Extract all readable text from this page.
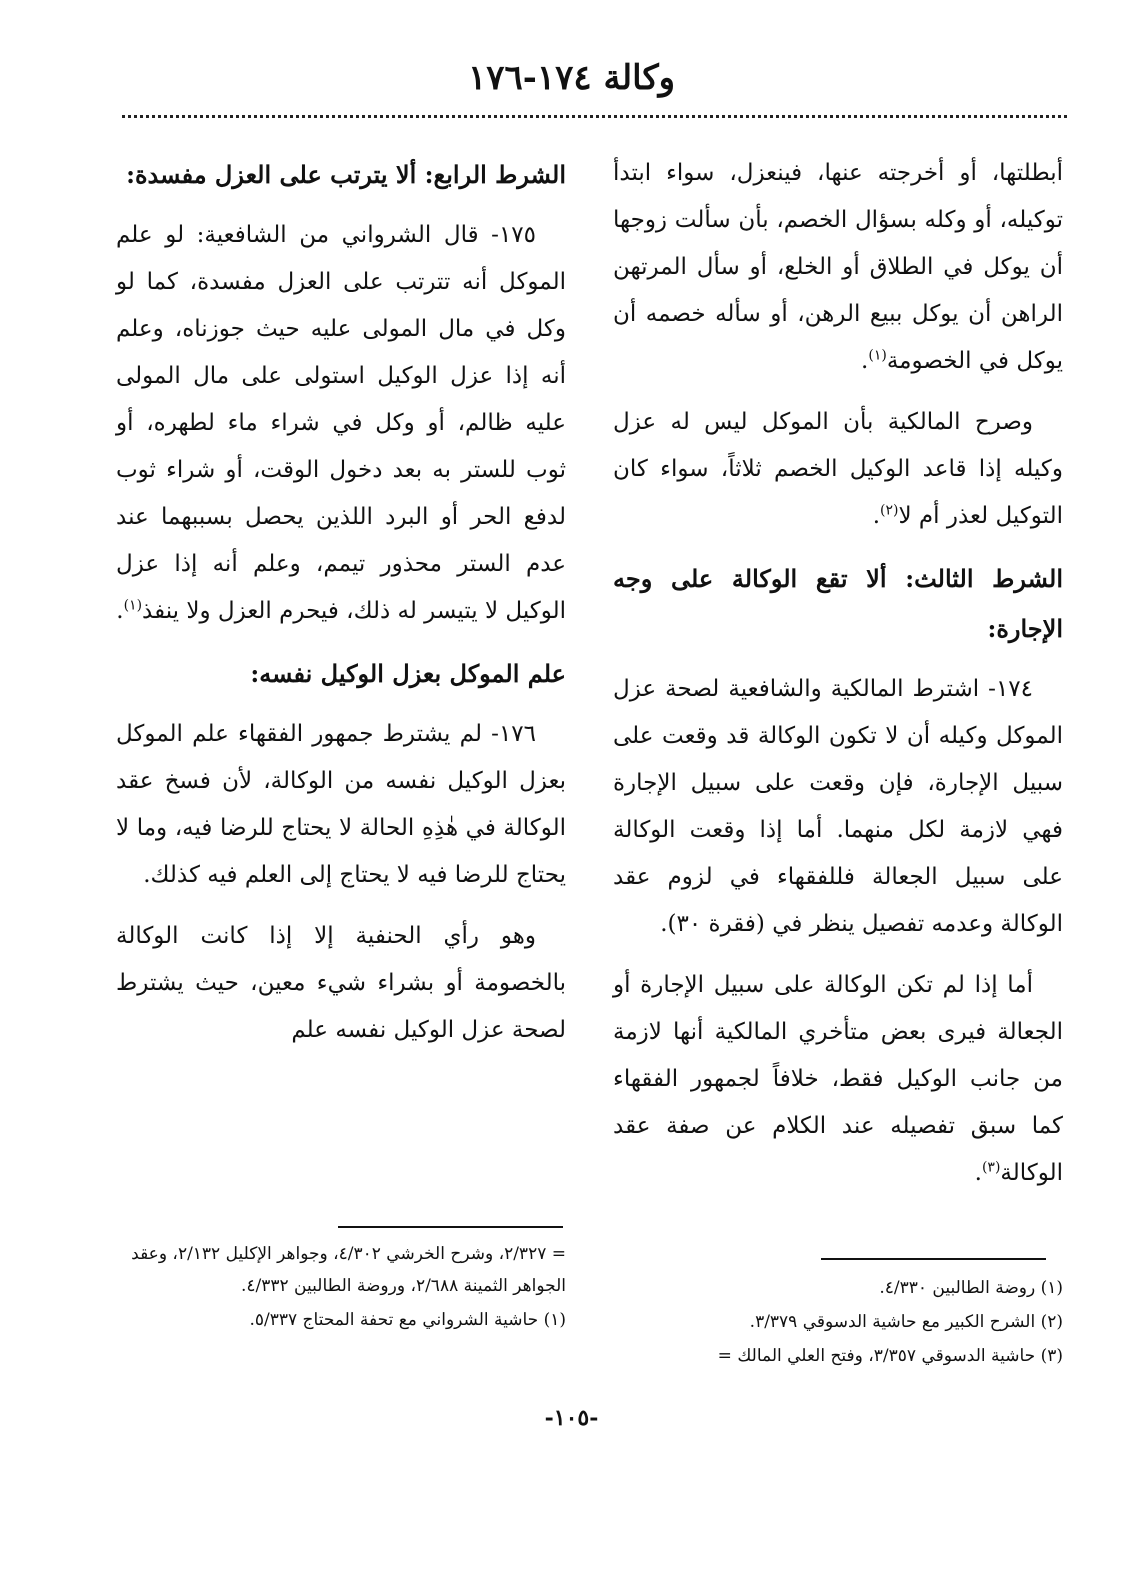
وكالة ١٧٤-١٧٦

أبطلتها، أو أخرجته عنها، فينعزل، سواء ابتدأ توكيله، أو وكله بسؤال الخصم، بأن سألت زوجها أن يوكل في الطلاق أو الخلع، أو سأل المرتهن الراهن أن يوكل ببيع الرهن، أو سأله خصمه أن يوكل في الخصومة$^{(١)}$.

وصرح المالكية بأن الموكل ليس له عزل وكيله إذا قاعد الوكيل الخصم ثلاثاً، سواء كان التوكيل لعذر أم لا$^{(٢)}$.

الشرط الثالث: ألا تقع الوكالة على وجه الإجارة:

١٧٤- اشترط المالكية والشافعية لصحة عزل الموكل وكيله أن لا تكون الوكالة قد وقعت على سبيل الإجارة، فإن وقعت على سبيل الإجارة فهي لازمة لكل منهما. أما إذا وقعت الوكالة على سبيل الجعالة فللفقهاء في لزوم عقد الوكالة وعدمه تفصيل ينظر في (فقرة ٣٠).

أما إذا لم تكن الوكالة على سبيل الإجارة أو الجعالة فيرى بعض متأخري المالكية أنها لازمة من جانب الوكيل فقط، خلافاً لجمهور الفقهاء كما سبق تفصيله عند الكلام عن صفة عقد الوكالة$^{(٣)}$.

الشرط الرابع: ألا يترتب على العزل مفسدة:

١٧٥- قال الشرواني من الشافعية: لو علم الموكل أنه تترتب على العزل مفسدة، كما لو وكل في مال المولى عليه حيث جوزناه، وعلم أنه إذا عزل الوكيل استولى على مال المولى عليه ظالم، أو وكل في شراء ماء لطهره، أو ثوب للستر به بعد دخول الوقت، أو شراء ثوب لدفع الحر أو البرد اللذين يحصل بسببهما عند عدم الستر محذور تيمم، وعلم أنه إذا عزل الوكيل لا يتيسر له ذلك، فيحرم العزل ولا ينفذ$^{(١)}$.

علم الموكل بعزل الوكيل نفسه:

١٧٦- لم يشترط جمهور الفقهاء علم الموكل بعزل الوكيل نفسه من الوكالة، لأن فسخ عقد الوكالة في هٰذِهِ الحالة لا يحتاج للرضا فيه، وما لا يحتاج للرضا فيه لا يحتاج إلى العلم فيه كذلك.

وهو رأي الحنفية إلا إذا كانت الوكالة بالخصومة أو بشراء شيء معين، حيث يشترط لصحة عزل الوكيل نفسه علم

(١) روضة الطالبين ٤/٣٣٠.
(٢) الشرح الكبير مع حاشية الدسوقي ٣/٣٧٩.
(٣) حاشية الدسوقي ٣/٣٥٧، وفتح العلي المالك =
= ٢/٣٢٧، وشرح الخرشي ٤/٣٠٢، وجواهر الإكليل ٢/١٣٢، وعقد الجواهر الثمينة ٢/٦٨٨، وروضة الطالبين ٤/٣٣٢.
(١) حاشية الشرواني مع تحفة المحتاج ٥/٣٣٧.
-١٠٥-
